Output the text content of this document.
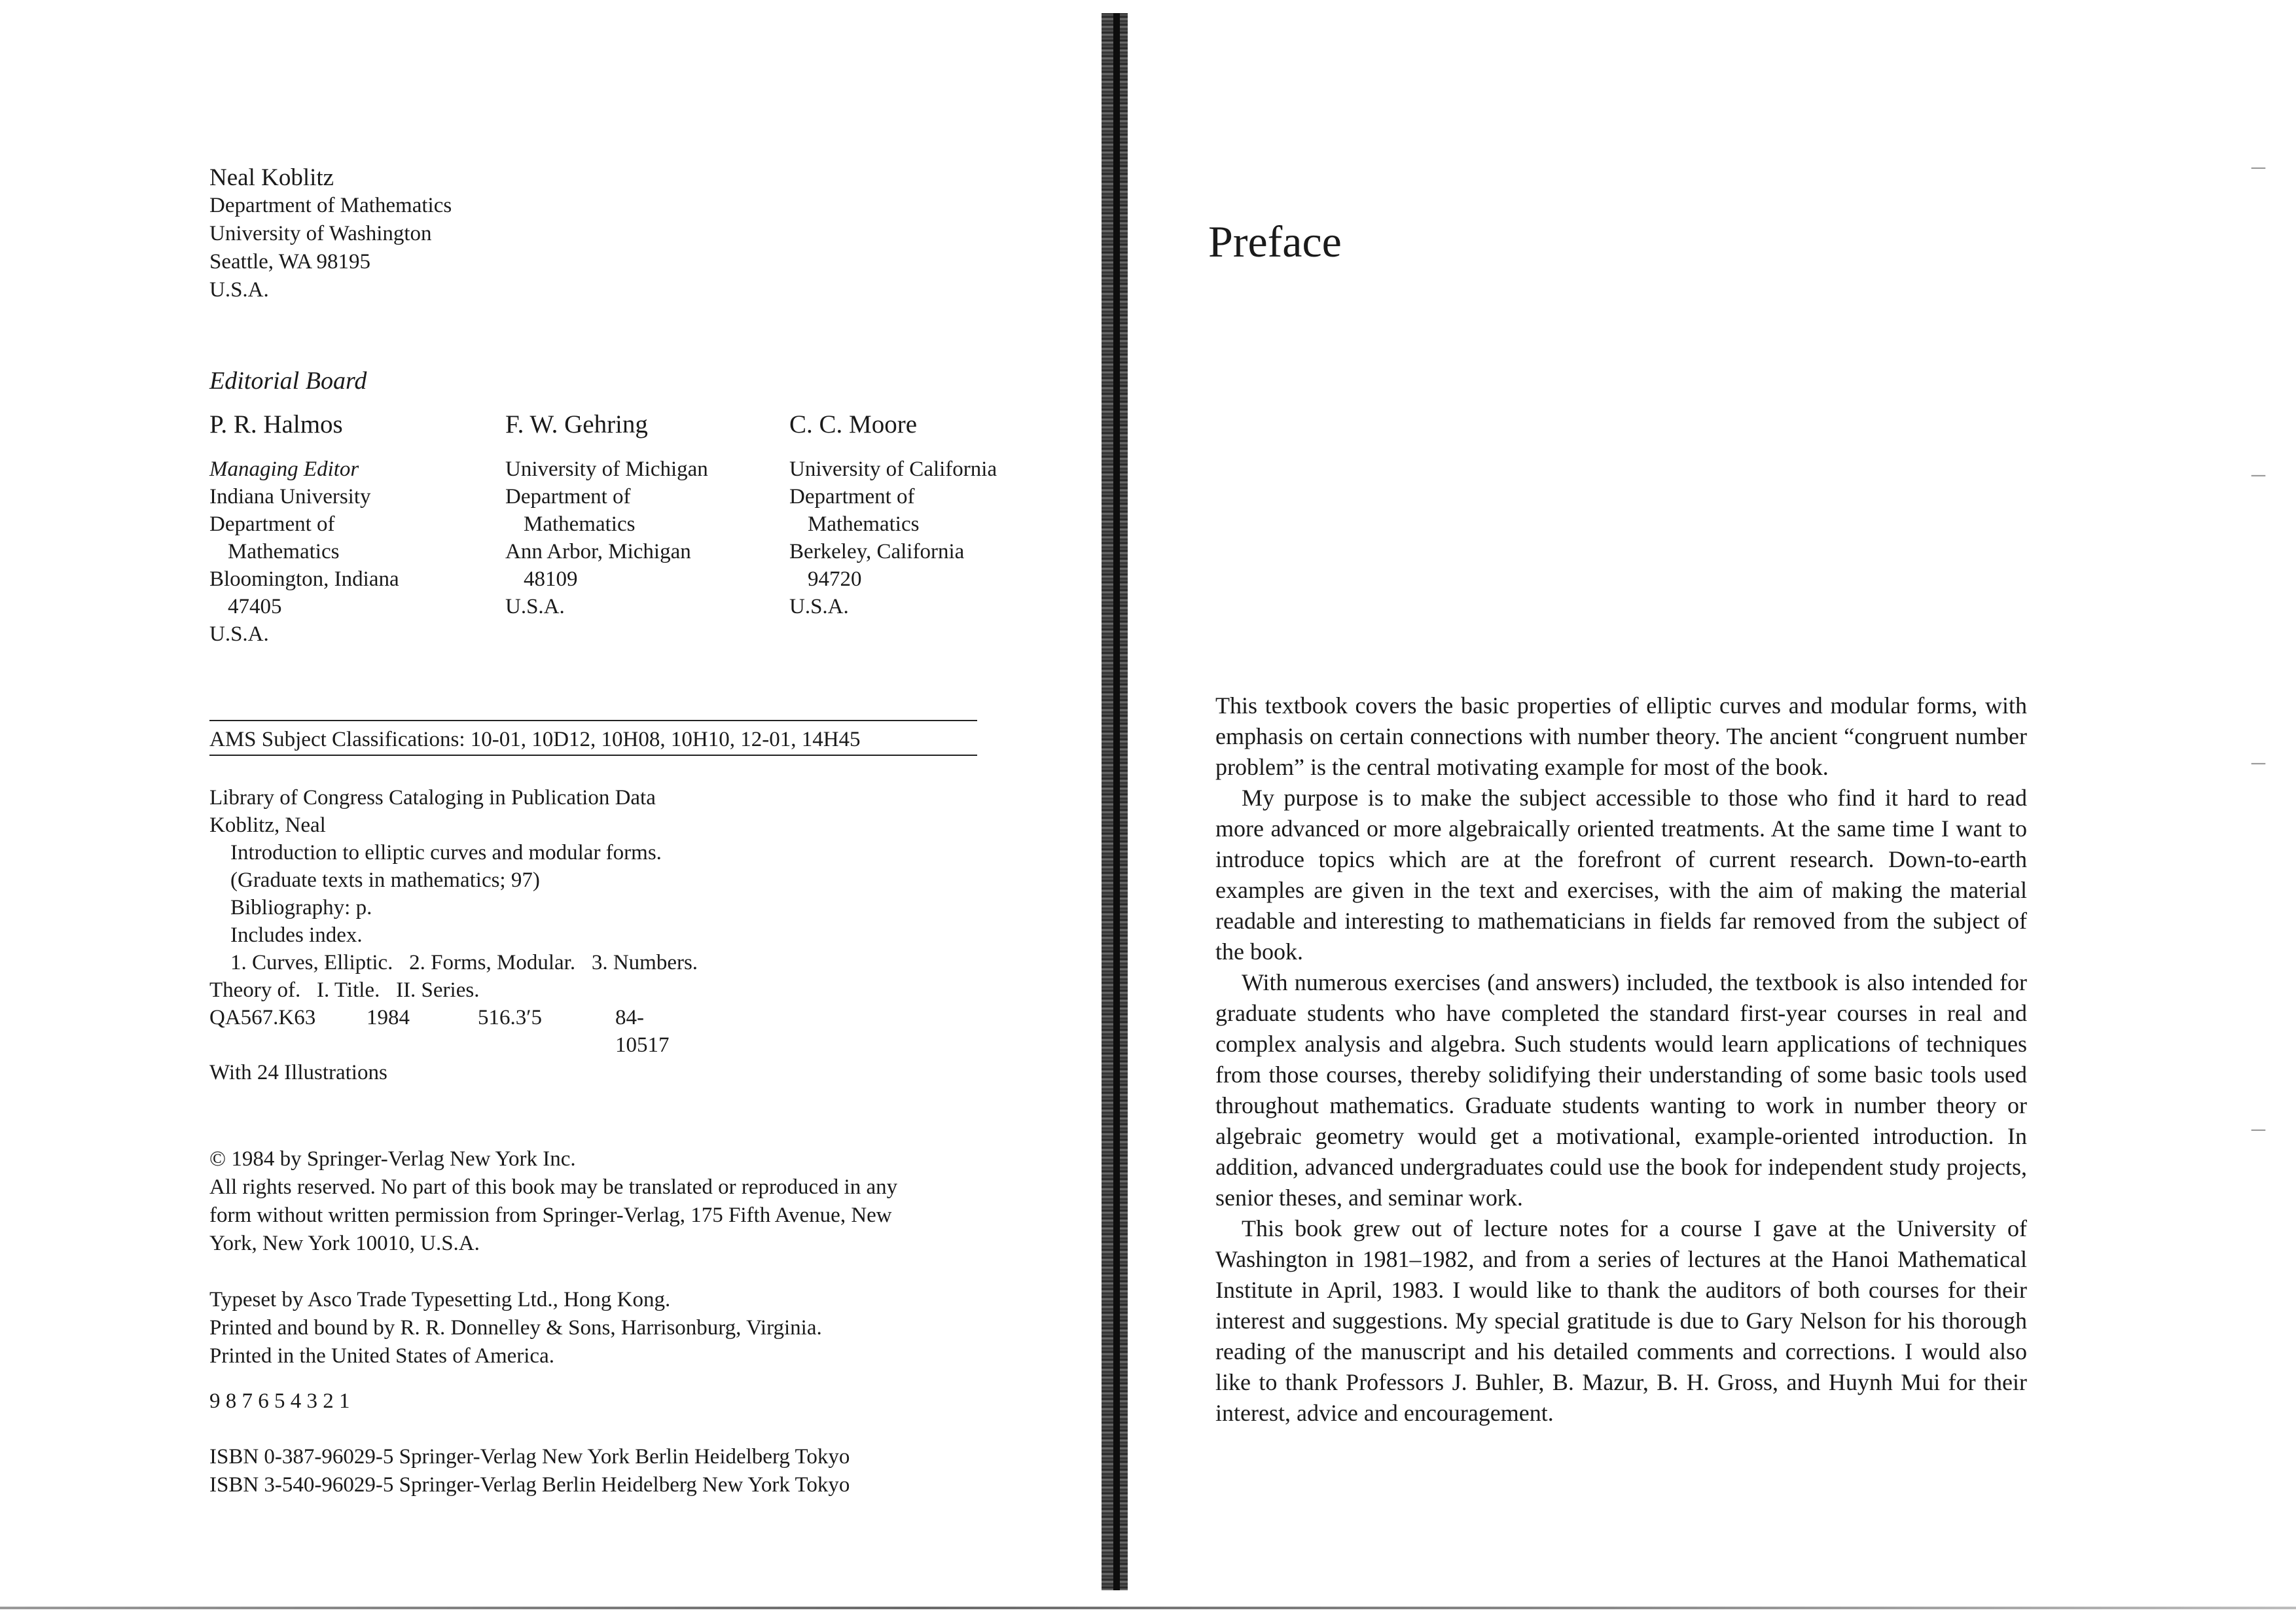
Neal Koblitz
Department of Mathematics
University of Washington
Seattle, WA 98195
U.S.A.
Editorial Board
P. R. Halmos
Managing Editor
Indiana University
Department of
Mathematics
Bloomington, Indiana
47405
U.S.A.
F. W. Gehring
University of Michigan
Department of
Mathematics
Ann Arbor, Michigan
48109
U.S.A.
C. C. Moore
University of California
Department of
Mathematics
Berkeley, California
94720
U.S.A.
AMS Subject Classifications: 10-01, 10D12, 10H08, 10H10, 12-01, 14H45
Library of Congress Cataloging in Publication Data
Koblitz, Neal
Introduction to elliptic curves and modular forms.
(Graduate texts in mathematics; 97)
Bibliography: p.
Includes index.
1. Curves, Elliptic.   2. Forms, Modular.   3. Numbers.
Theory of.   I. Title.   II. Series.
QA567.K63 1984	516.3′5	84-10517
With 24 Illustrations
© 1984 by Springer-Verlag New York Inc.
All rights reserved. No part of this book may be translated or reproduced in any
form without written permission from Springer-Verlag, 175 Fifth Avenue, New
York, New York 10010, U.S.A.
Typeset by Asco Trade Typesetting Ltd., Hong Kong.
Printed and bound by R. R. Donnelley & Sons, Harrisonburg, Virginia.
Printed in the United States of America.
9 8 7 6 5 4 3 2 1
ISBN 0-387-96029-5 Springer-Verlag New York Berlin Heidelberg Tokyo
ISBN 3-540-96029-5 Springer-Verlag Berlin Heidelberg New York Tokyo
Preface

This textbook covers the basic properties of elliptic curves and modular forms, with emphasis on certain connections with number theory. The ancient “congruent number problem” is the central motivating example for most of the book.

My purpose is to make the subject accessible to those who find it hard to read more advanced or more algebraically oriented treatments. At the same time I want to introduce topics which are at the forefront of current research. Down-to-earth examples are given in the text and exercises, with the aim of making the material readable and interesting to mathematicians in fields far removed from the subject of the book.

With numerous exercises (and answers) included, the textbook is also intended for graduate students who have completed the standard first-year courses in real and complex analysis and algebra. Such students would learn applications of techniques from those courses, thereby solidifying their understanding of some basic tools used throughout mathematics. Graduate students wanting to work in number theory or algebraic geometry would get a motivational, example-oriented introduction. In addition, advanced undergraduates could use the book for independent study projects, senior theses, and seminar work.

This book grew out of lecture notes for a course I gave at the University of Washington in 1981–1982, and from a series of lectures at the Hanoi Mathematical Institute in April, 1983. I would like to thank the auditors of both courses for their interest and suggestions. My special gratitude is due to Gary Nelson for his thorough reading of the manuscript and his detailed comments and corrections. I would also like to thank Professors J. Buhler, B. Mazur, B. H. Gross, and Huynh Mui for their interest, advice and encouragement.

–
–
–
–
